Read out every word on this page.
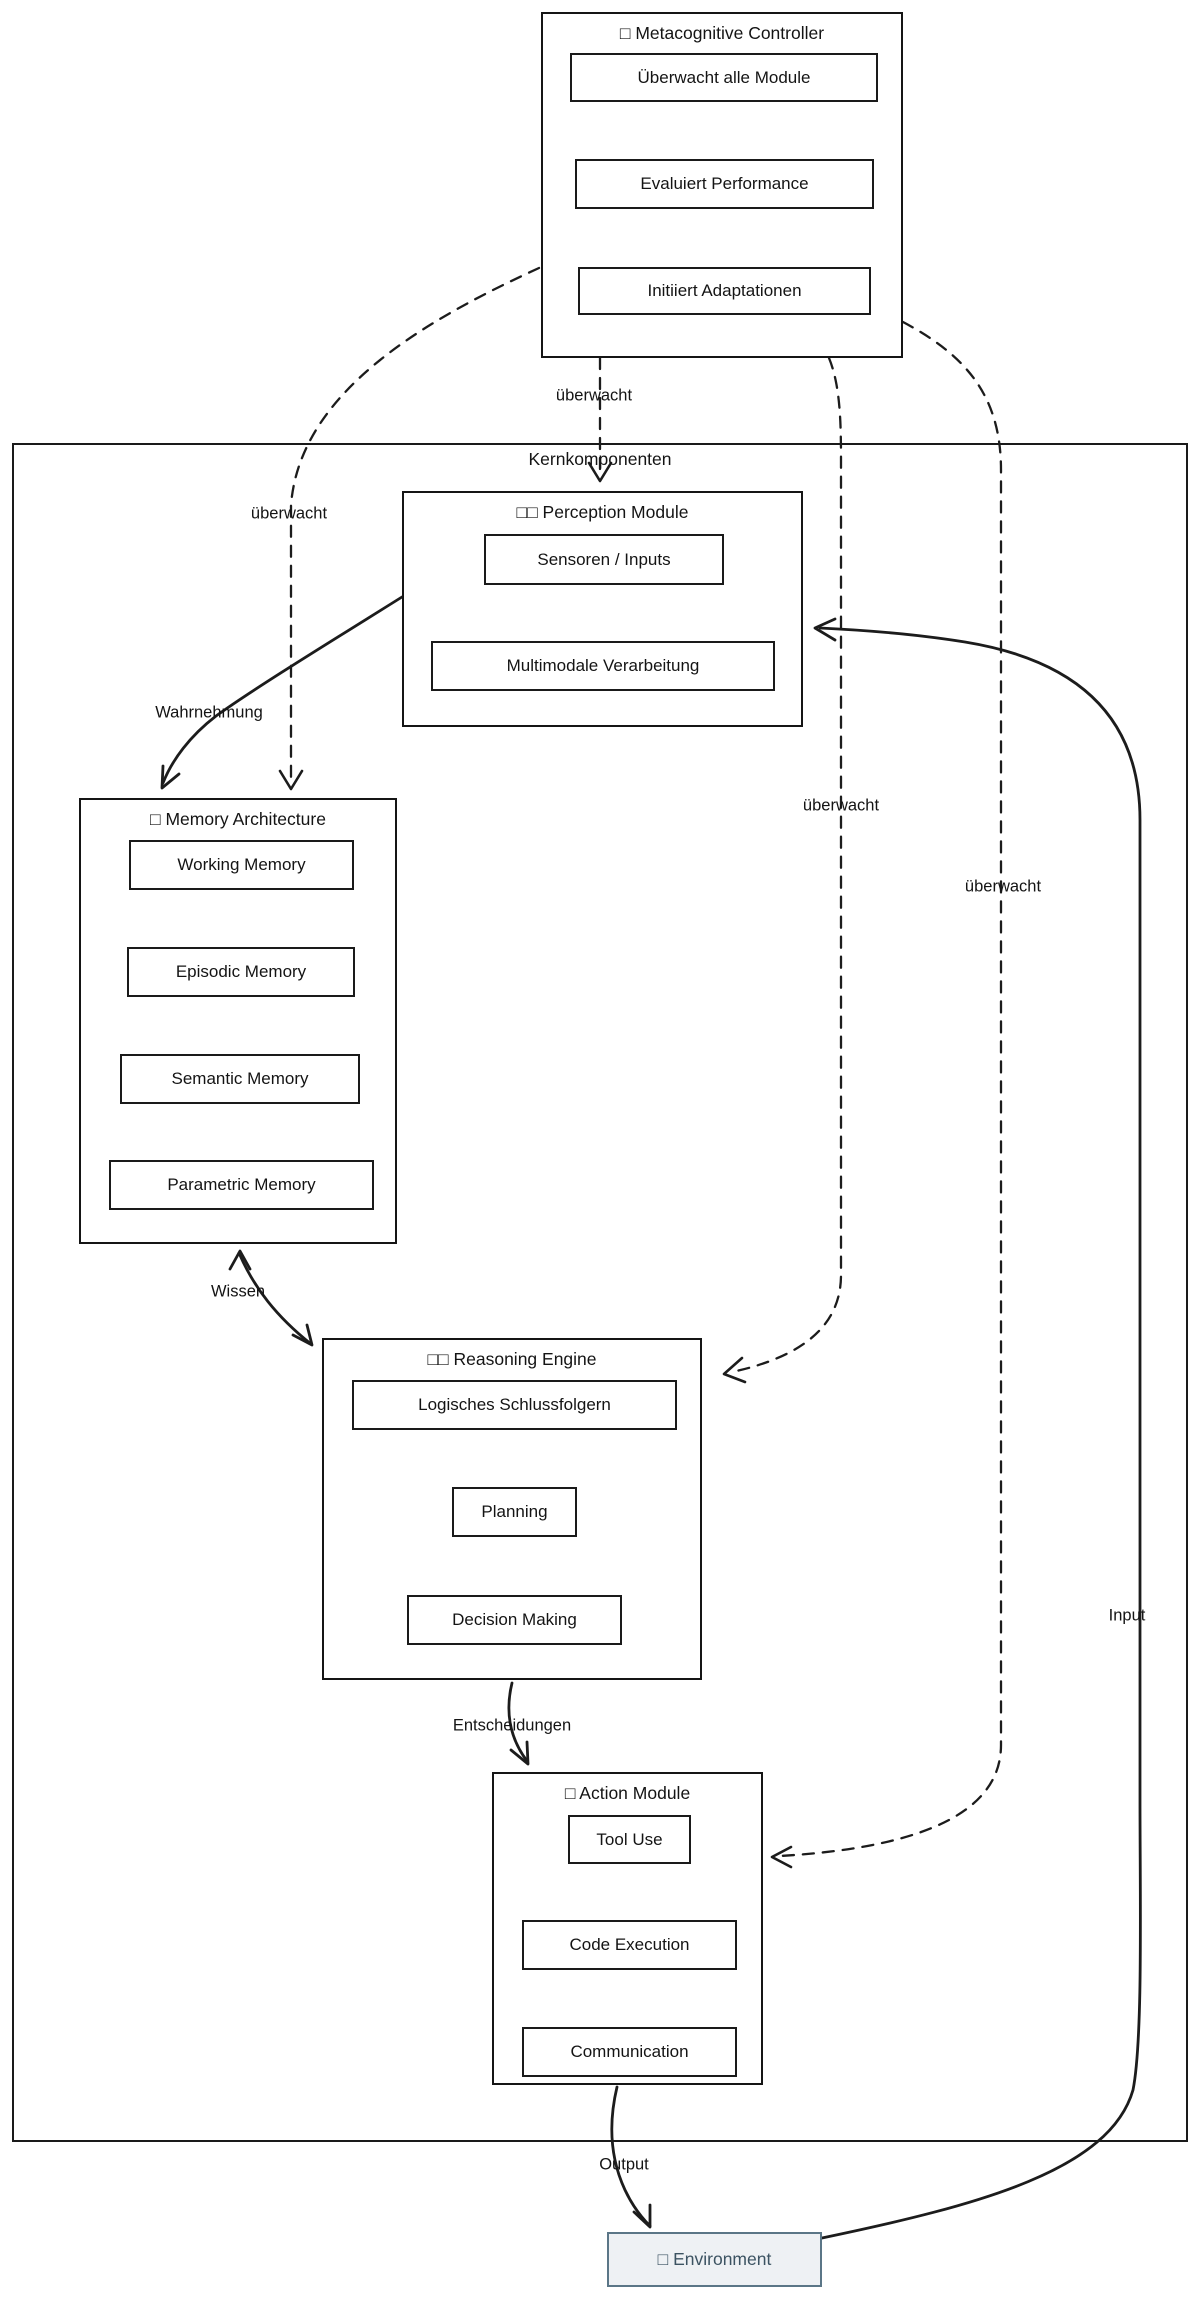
Kernkomponenten
□ Metacognitive Controller
Überwacht alle Module
Evaluiert Performance
Initiiert Adaptationen
□□ Perception Module
Sensoren / Inputs
Multimodale Verarbeitung
□ Memory Architecture
Working Memory
Episodic Memory
Semantic Memory
Parametric Memory
□□ Reasoning Engine
Logisches Schlussfolgern
Planning
Decision Making
□ Action Module
Tool Use
Code Execution
Communication
□ Environment
überwacht
überwacht
überwacht
überwacht
Wahrnehmung
Wissen
Entscheidungen
Output
Input
